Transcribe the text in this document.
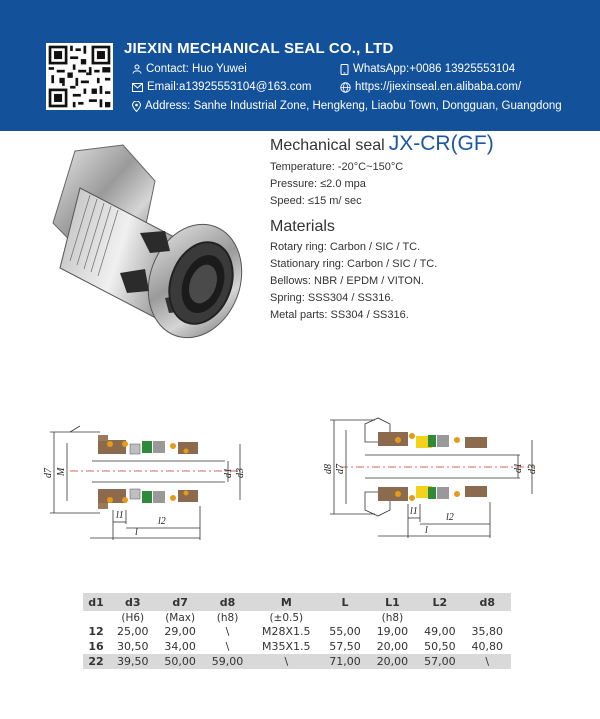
JIEXIN MECHANICAL SEAL CO., LTD
Contact: Huo Yuwei	WhatsApp:+0086 13925553104
Email:a13925553104@163.com	https://jiexinseal.en.alibaba.com/
Address: Sanhe Industrial Zone, Hengkeng, Liaobu Town, Dongguan, Guangdong
Mechanical seal JX-CR(GF)
Temperature: -20°C~150°C
Pressure: ≤2.0 mpa
Speed: ≤15 m/ sec
Materials
Rotary ring: Carbon / SIC / TC.
Stationary ring: Carbon / SIC / TC.
Bellows: NBR / EPDM / VITON.
Spring: SSS304 / SS316.
Metal parts: SS304 / SS316.
d7 M	d1 d3
l1
l2
l
d8 d7	d1 d3
l1
l2
l
d1	d3	d7	d8	M	L	L1	L2	d8
	(H6)	(Max)	(h8)	(±0.5)		(h8)		
12	25,00	29,00	\	M28X1.5	55,00	19,00	49,00	35,80
16	30,50	34,00	\	M35X1.5	57,50	20,00	50,50	40,80
22	39,50	50,00	59,00	\	71,00	20,00	57,00	\
